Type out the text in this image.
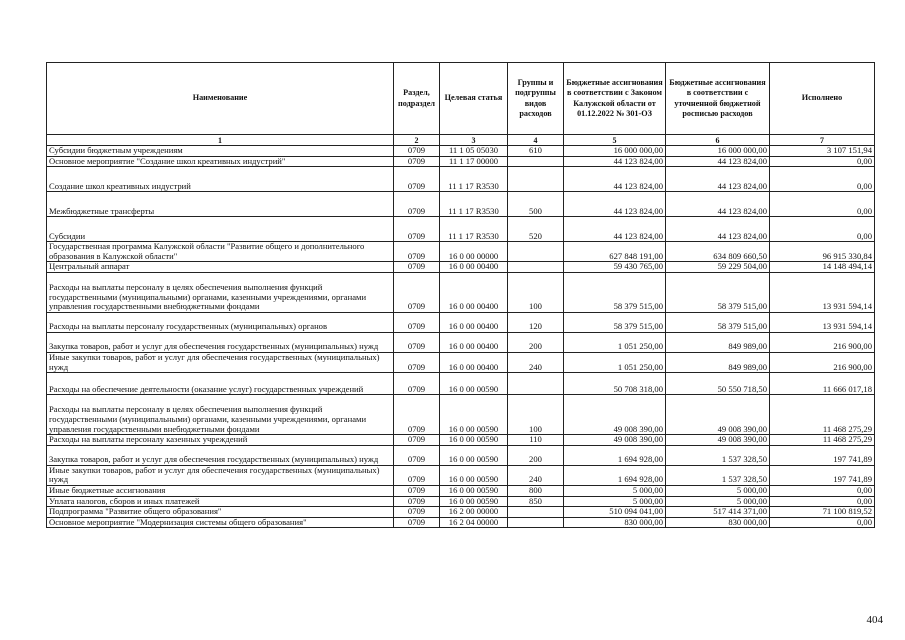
Наименование	Раздел, подраздел	Целевая статья	Группы и подгруппы видов расходов	Бюджетные ассигнования в соответствии с Законом Калужской области от 01.12.2022 № 301-ОЗ	Бюджетные ассигнования в соответствии с уточненной бюджетной росписью расходов	Исполнено
1	2	3	4	5	6	7
Субсидии бюджетным учреждениям	0709	11 1 05 05030	610	16 000 000,00	16 000 000,00	3 107 151,94
Основное мероприятие "Создание школ креативных индустрий"	0709	11 1 17 00000		44 123 824,00	44 123 824,00	0,00
Создание школ креативных индустрий	0709	11 1 17 R3530		44 123 824,00	44 123 824,00	0,00
Межбюджетные трансферты	0709	11 1 17 R3530	500	44 123 824,00	44 123 824,00	0,00
Субсидии	0709	11 1 17 R3530	520	44 123 824,00	44 123 824,00	0,00
Государственная программа Калужской области "Развитие общего и дополнительного образования в Калужской области"	0709	16 0 00 00000		627 848 191,00	634 809 660,50	96 915 330,84
Центральный аппарат	0709	16 0 00 00400		59 430 765,00	59 229 504,00	14 148 494,14
Расходы на выплаты персоналу в целях обеспечения выполнения функций государственными (муниципальными) органами, казенными учреждениями, органами управления государственными внебюджетными фондами	0709	16 0 00 00400	100	58 379 515,00	58 379 515,00	13 931 594,14
Расходы на выплаты персоналу государственных (муниципальных) органов	0709	16 0 00 00400	120	58 379 515,00	58 379 515,00	13 931 594,14
Закупка товаров, работ и услуг для обеспечения государственных (муниципальных) нужд	0709	16 0 00 00400	200	1 051 250,00	849 989,00	216 900,00
Иные закупки товаров, работ и услуг для обеспечения государственных (муниципальных) нужд	0709	16 0 00 00400	240	1 051 250,00	849 989,00	216 900,00
Расходы на обеспечение деятельности (оказание услуг) государственных учреждений	0709	16 0 00 00590		50 708 318,00	50 550 718,50	11 666 017,18
Расходы на выплаты персоналу в целях обеспечения выполнения функций государственными (муниципальными) органами, казенными учреждениями, органами управления государственными внебюджетными фондами	0709	16 0 00 00590	100	49 008 390,00	49 008 390,00	11 468 275,29
Расходы на выплаты персоналу казенных учреждений	0709	16 0 00 00590	110	49 008 390,00	49 008 390,00	11 468 275,29
Закупка товаров, работ и услуг для обеспечения государственных (муниципальных) нужд	0709	16 0 00 00590	200	1 694 928,00	1 537 328,50	197 741,89
Иные закупки товаров, работ и услуг для обеспечения государственных (муниципальных) нужд	0709	16 0 00 00590	240	1 694 928,00	1 537 328,50	197 741,89
Иные бюджетные ассигнования	0709	16 0 00 00590	800	5 000,00	5 000,00	0,00
Уплата налогов, сборов и иных платежей	0709	16 0 00 00590	850	5 000,00	5 000,00	0,00
Подпрограмма "Развитие общего образования"	0709	16 2 00 00000		510 094 041,00	517 414 371,00	71 100 819,52
Основное мероприятие "Модернизация системы общего образования"	0709	16 2 04 00000		830 000,00	830 000,00	0,00
404
